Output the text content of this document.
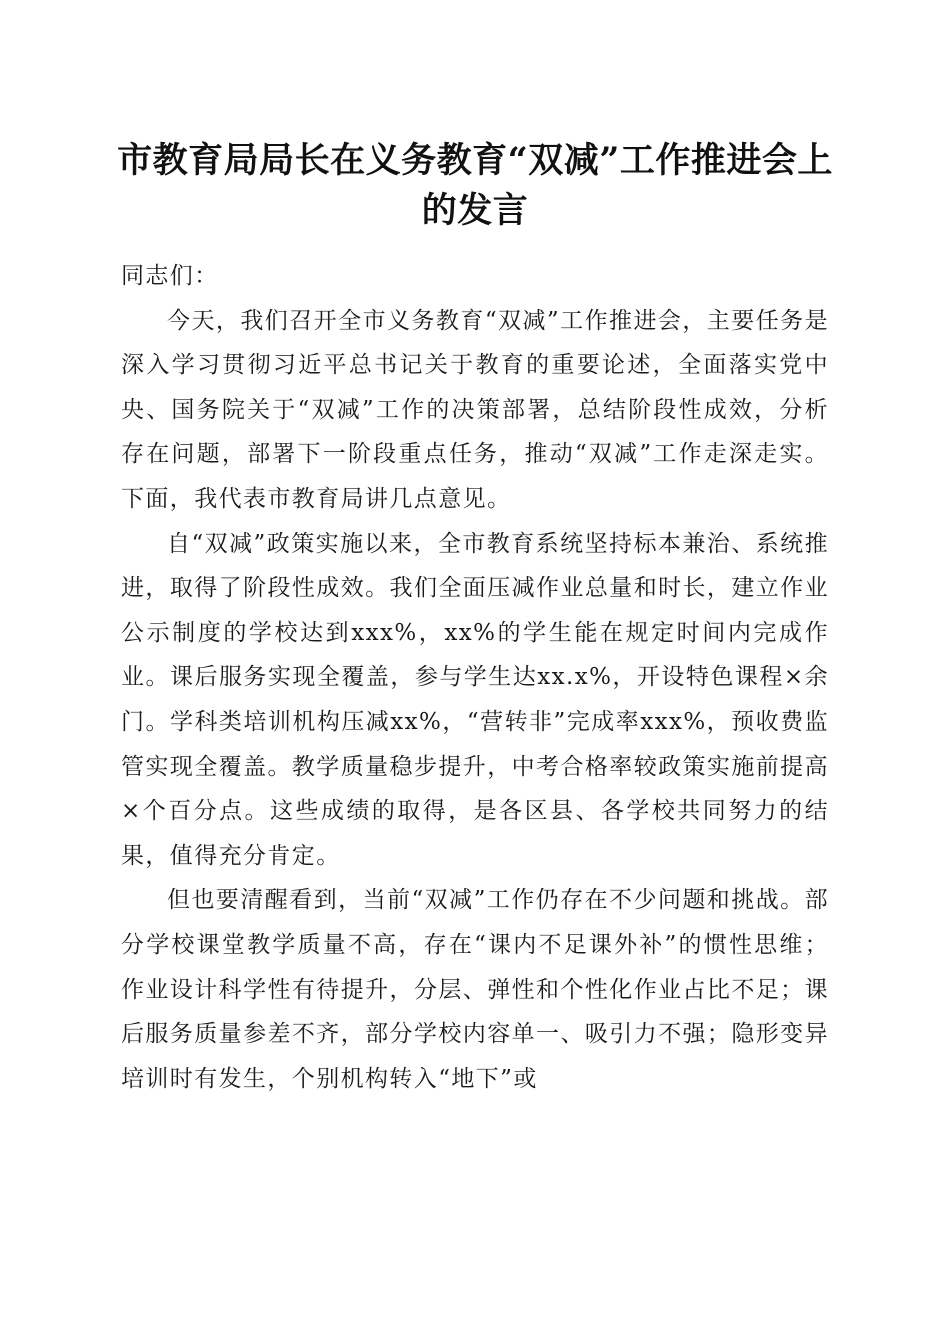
市教育局局长在义务教育“双减”工作推进会上的发言

同志们：

今天，我们召开全市义务教育“双减”工作推进会，主要任务是深入学习贯彻习近平总书记关于教育的重要论述，全面落实党中央、国务院关于“双减”工作的决策部署，总结阶段性成效，分析存在问题，部署下一阶段重点任务，推动“双减”工作走深走实。下面，我代表市教育局讲几点意见。

自“双减”政策实施以来，全市教育系统坚持标本兼治、系统推进，取得了阶段性成效。我们全面压减作业总量和时长，建立作业公示制度的学校达到xxx%，xx%的学生能在规定时间内完成作业。课后服务实现全覆盖，参与学生达xx.x%，开设特色课程×余门。学科类培训机构压减xx%，“营转非”完成率xxx%，预收费监管实现全覆盖。教学质量稳步提升，中考合格率较政策实施前提高×个百分点。这些成绩的取得，是各区县、各学校共同努力的结果，值得充分肯定。

但也要清醒看到，当前“双减”工作仍存在不少问题和挑战。部分学校课堂教学质量不高，存在“课内不足课外补”的惯性思维；作业设计科学性有待提升，分层、弹性和个性化作业占比不足；课后服务质量参差不齐，部分学校内容单一、吸引力不强；隐形变异培训时有发生，个别机构转入“地下”或
